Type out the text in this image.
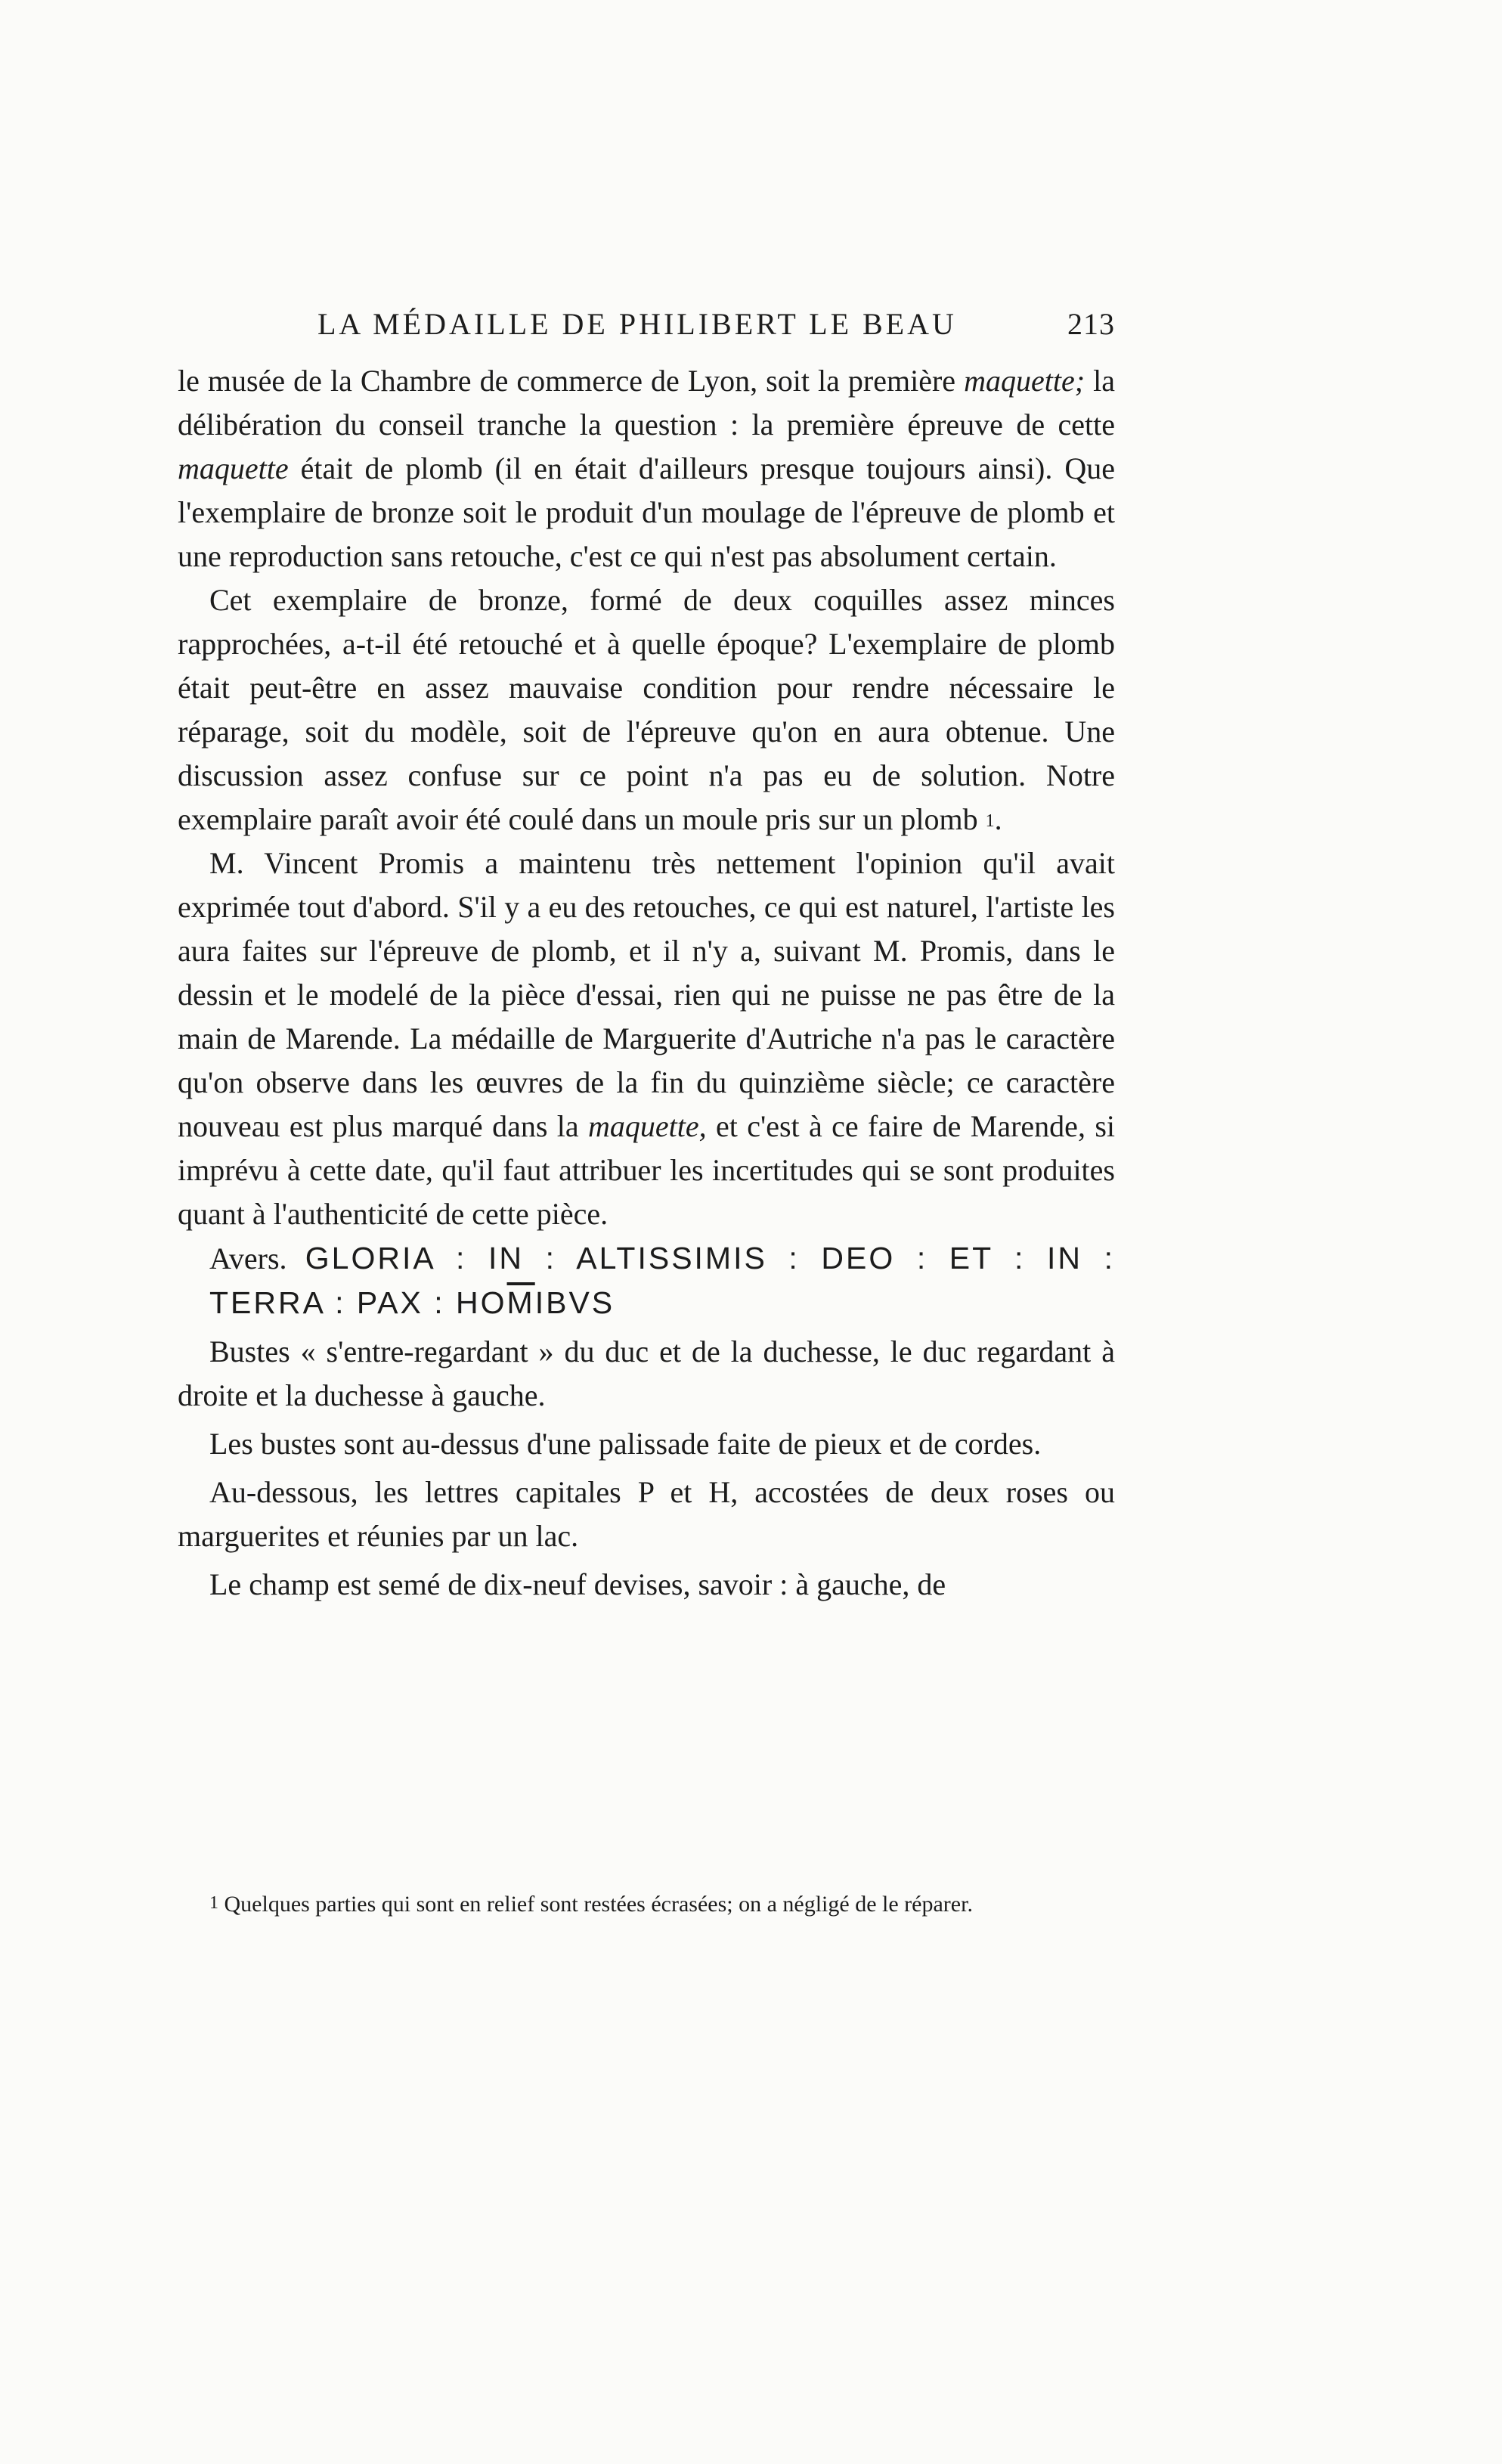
LA MÉDAILLE DE PHILIBERT LE BEAU	213

le musée de la Chambre de commerce de Lyon, soit la première maquette; la délibération du conseil tranche la question : la première épreuve de cette maquette était de plomb (il en était d'ailleurs presque toujours ainsi). Que l'exemplaire de bronze soit le produit d'un moulage de l'épreuve de plomb et une reproduction sans retouche, c'est ce qui n'est pas absolument certain.

Cet exemplaire de bronze, formé de deux coquilles assez minces rapprochées, a-t-il été retouché et à quelle époque? L'exemplaire de plomb était peut-être en assez mauvaise condition pour rendre nécessaire le réparage, soit du modèle, soit de l'épreuve qu'on en aura obtenue. Une discussion assez confuse sur ce point n'a pas eu de solution. Notre exemplaire paraît avoir été coulé dans un moule pris sur un plomb $^1$.

M. Vincent Promis a maintenu très nettement l'opinion qu'il avait exprimée tout d'abord. S'il y a eu des retouches, ce qui est naturel, l'artiste les aura faites sur l'épreuve de plomb, et il n'y a, suivant M. Promis, dans le dessin et le modelé de la pièce d'essai, rien qui ne puisse ne pas être de la main de Marende. La médaille de Marguerite d'Autriche n'a pas le caractère qu'on observe dans les œuvres de la fin du quinzième siècle; ce caractère nouveau est plus marqué dans la maquette, et c'est à ce faire de Marende, si imprévu à cette date, qu'il faut attribuer les incertitudes qui se sont produites quant à l'authenticité de cette pièce.

Avers. GLORIA : IN : ALTISSIMIS : DEO : ET : IN :

TERRA : PAX : $HO\overline{M}IBVS$

Bustes « s'entre-regardant » du duc et de la duchesse, le duc regardant à droite et la duchesse à gauche.

Les bustes sont au-dessus d'une palissade faite de pieux et de cordes.

Au-dessous, les lettres capitales P et H, accostées de deux roses ou marguerites et réunies par un lac.

Le champ est semé de dix-neuf devises, savoir : à gauche, de

$^1$ Quelques parties qui sont en relief sont restées écrasées; on a négligé de le réparer.
